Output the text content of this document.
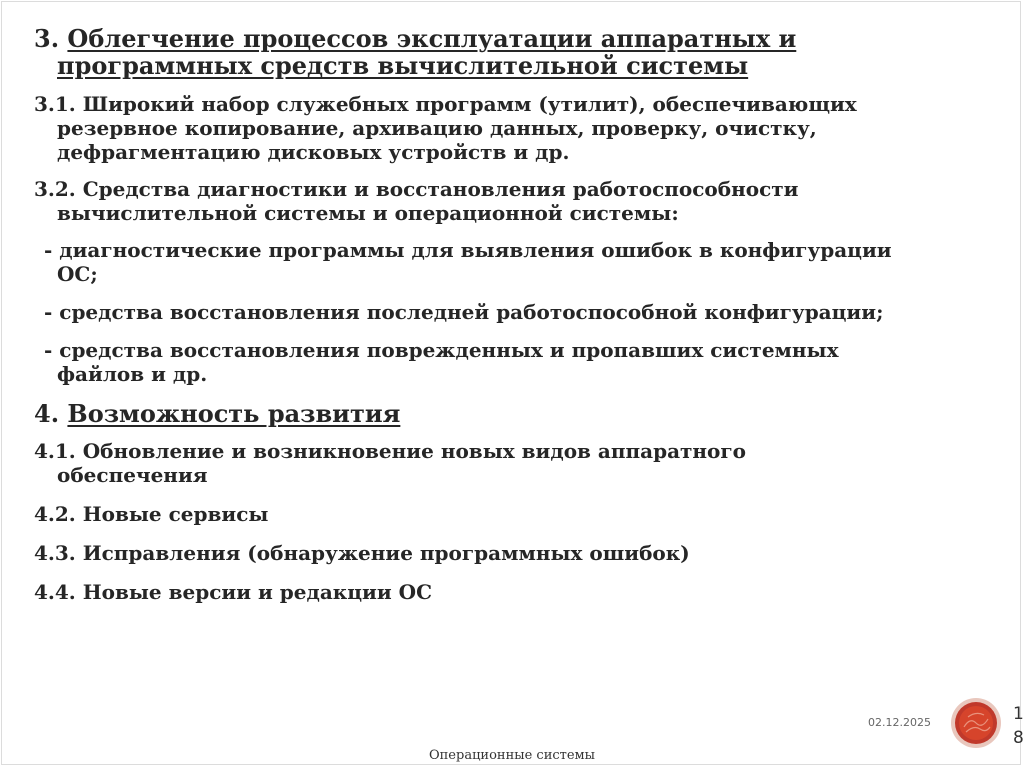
3. Облегчение процессов эксплуатации аппаратных и

программных средств вычислительной системы

3.1. Широкий набор служебных программ (утилит), обеспечивающих

резервное копирование, архивацию данных, проверку, очистку,

дефрагментацию дисковых устройств и др.

3.2. Средства диагностики и восстановления работоспособности

вычислительной системы и операционной системы:

- диагностические программы для выявления ошибок в конфигурации

ОС;

- средства восстановления последней работоспособной конфигурации;

- средства восстановления поврежденных и пропавших системных

файлов и др.

4. Возможность развития

4.1. Обновление и возникновение новых видов аппаратного

обеспечения

4.2. Новые сервисы

4.3. Исправления (обнаружение программных ошибок)

4.4. Новые версии и редакции ОС

02.12.2025	1
8
Операционные системы
